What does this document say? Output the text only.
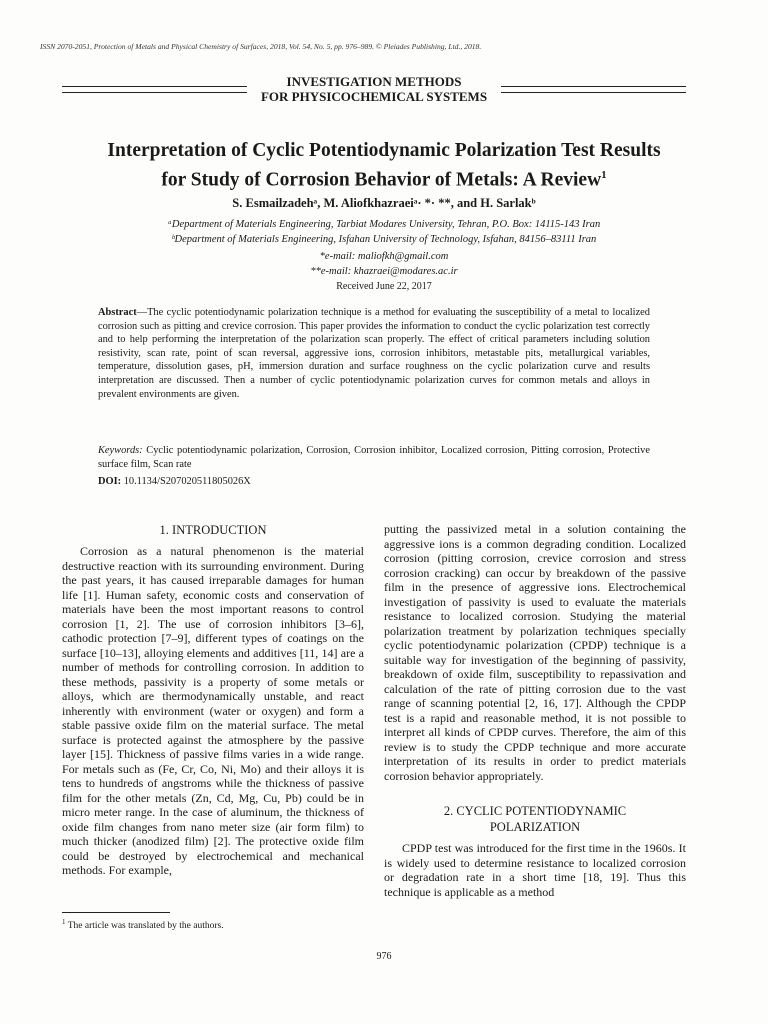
ISSN 2070-2051, Protection of Metals and Physical Chemistry of Surfaces, 2018, Vol. 54, No. 5, pp. 976–989. © Pleiades Publishing, Ltd., 2018.
INVESTIGATION METHODS
FOR PHYSICOCHEMICAL SYSTEMS
Interpretation of Cyclic Potentiodynamic Polarization Test Results
for Study of Corrosion Behavior of Metals: A Review$^1$
S. Esmailzadehᵃ, M. Aliofkhazraeiᵃ· *· **, and H. Sarlakᵇ
ᵃDepartment of Materials Engineering, Tarbiat Modares University, Tehran, P.O. Box: 14115-143 Iran
ᵇDepartment of Materials Engineering, Isfahan University of Technology, Isfahan, 84156–83111 Iran
*e-mail: maliofkh@gmail.com
**e-mail: khazraei@modares.ac.ir
Received June 22, 2017
Abstract—The cyclic potentiodynamic polarization technique is a method for evaluating the susceptibility of a metal to localized corrosion such as pitting and crevice corrosion. This paper provides the information to conduct the cyclic polarization test correctly and to help performing the interpretation of the polarization scan properly. The effect of critical parameters including solution resistivity, scan rate, point of scan reversal, aggressive ions, corrosion inhibitors, metastable pits, metallurgical variables, temperature, dissolution gases, pH, immersion duration and surface roughness on the cyclic polarization curve and results interpretation are discussed. Then a number of cyclic potentiodynamic polarization curves for common metals and alloys in prevalent environments are given.
Keywords: Cyclic potentiodynamic polarization, Corrosion, Corrosion inhibitor, Localized corrosion, Pitting corrosion, Protective surface film, Scan rate
DOI: 10.1134/S207020511805026X
1. INTRODUCTION

Corrosion as a natural phenomenon is the material destructive reaction with its surrounding environment. During the past years, it has caused irreparable damages for human life [1]. Human safety, economic costs and conservation of materials have been the most important reasons to control corrosion [1, 2]. The use of corrosion inhibitors [3–6], cathodic protection [7–9], different types of coatings on the surface [10–13], alloying elements and additives [11, 14] are a number of methods for controlling corrosion. In addition to these methods, passivity is a property of some metals or alloys, which are thermodynamically unstable, and react inherently with environment (water or oxygen) and form a stable passive oxide film on the material surface. The metal surface is protected against the atmosphere by the passive layer [15]. Thickness of passive films varies in a wide range. For metals such as (Fe, Cr, Co, Ni, Mo) and their alloys it is tens to hundreds of angstroms while the thickness of passive film for the other metals (Zn, Cd, Mg, Cu, Pb) could be in micro meter range. In the case of aluminum, the thickness of oxide film changes from nano meter size (air form film) to much thicker (anodized film) [2]. The protective oxide film could be destroyed by electrochemical and mechanical methods. For example,

putting the passivized metal in a solution containing the aggressive ions is a common degrading condition. Localized corrosion (pitting corrosion, crevice corrosion and stress corrosion cracking) can occur by breakdown of the passive film in the presence of aggressive ions. Electrochemical investigation of passivity is used to evaluate the materials resistance to localized corrosion. Studying the material polarization treatment by polarization techniques specially cyclic potentiodynamic polarization (CPDP) technique is a suitable way for investigation of the beginning of passivity, breakdown of oxide film, susceptibility to repassivation and calculation of the rate of pitting corrosion due to the vast range of scanning potential [2, 16, 17]. Although the CPDP test is a rapid and reasonable method, it is not possible to interpret all kinds of CPDP curves. Therefore, the aim of this review is to study the CPDP technique and more accurate interpretation of its results in order to predict materials corrosion behavior appropriately.

2. CYCLIC POTENTIODYNAMIC
POLARIZATION

CPDP test was introduced for the first time in the 1960s. It is widely used to determine resistance to localized corrosion or degradation rate in a short time [18, 19]. Thus this technique is applicable as a method

$^1$ The article was translated by the authors.
976
